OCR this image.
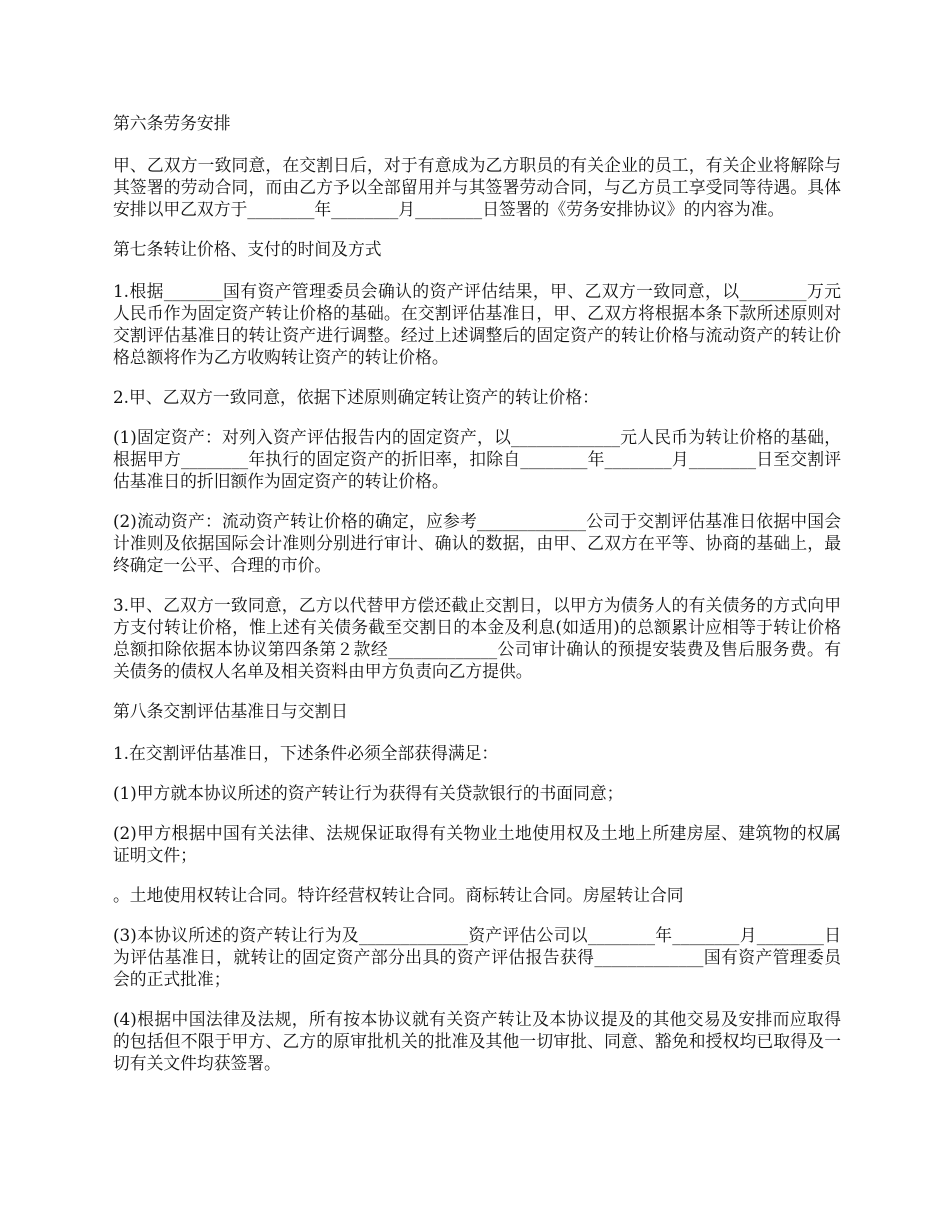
第六条劳务安排

甲、乙双方一致同意，在交割日后，对于有意成为乙方职员的有关企业的员工，有关企业将解除与其签署的劳动合同，而由乙方予以全部留用并与其签署劳动合同，与乙方员工享受同等待遇。具体安排以甲乙双方于________年________月________日签署的《劳务安排协议》的内容为准。

第七条转让价格、支付的时间及方式

1.根据_______国有资产管理委员会确认的资产评估结果，甲、乙双方一致同意，以________万元人民币作为固定资产转让价格的基础。在交割评估基准日，甲、乙双方将根据本条下款所述原则对交割评估基准日的转让资产进行调整。经过上述调整后的固定资产的转让价格与流动资产的转让价格总额将作为乙方收购转让资产的转让价格。

2.甲、乙双方一致同意，依据下述原则确定转让资产的转让价格：

(1)固定资产：对列入资产评估报告内的固定资产，以_____________元人民币为转让价格的基础，根据甲方________年执行的固定资产的折旧率，扣除自________年________月________日至交割评估基准日的折旧额作为固定资产的转让价格。

(2)流动资产：流动资产转让价格的确定，应参考_____________公司于交割评估基准日依据中国会计准则及依据国际会计准则分别进行审计、确认的数据，由甲、乙双方在平等、协商的基础上，最终确定一公平、合理的市价。

3.甲、乙双方一致同意，乙方以代替甲方偿还截止交割日，以甲方为债务人的有关债务的方式向甲方支付转让价格，惟上述有关债务截至交割日的本金及利息(如适用)的总额累计应相等于转让价格总额扣除依据本协议第四条第２款经_____________公司审计确认的预提安装费及售后服务费。有关债务的债权人名单及相关资料由甲方负责向乙方提供。

第八条交割评估基准日与交割日

1.在交割评估基准日，下述条件必须全部获得满足：

(1)甲方就本协议所述的资产转让行为获得有关贷款银行的书面同意；

(2)甲方根据中国有关法律、法规保证取得有关物业土地使用权及土地上所建房屋、建筑物的权属证明文件；

。土地使用权转让合同。特许经营权转让合同。商标转让合同。房屋转让合同

(3)本协议所述的资产转让行为及_____________资产评估公司以________年________月________日为评估基准日，就转让的固定资产部分出具的资产评估报告获得_____________国有资产管理委员会的正式批准；

(4)根据中国法律及法规，所有按本协议就有关资产转让及本协议提及的其他交易及安排而应取得的包括但不限于甲方、乙方的原审批机关的批准及其他一切审批、同意、豁免和授权均已取得及一切有关文件均获签署。
